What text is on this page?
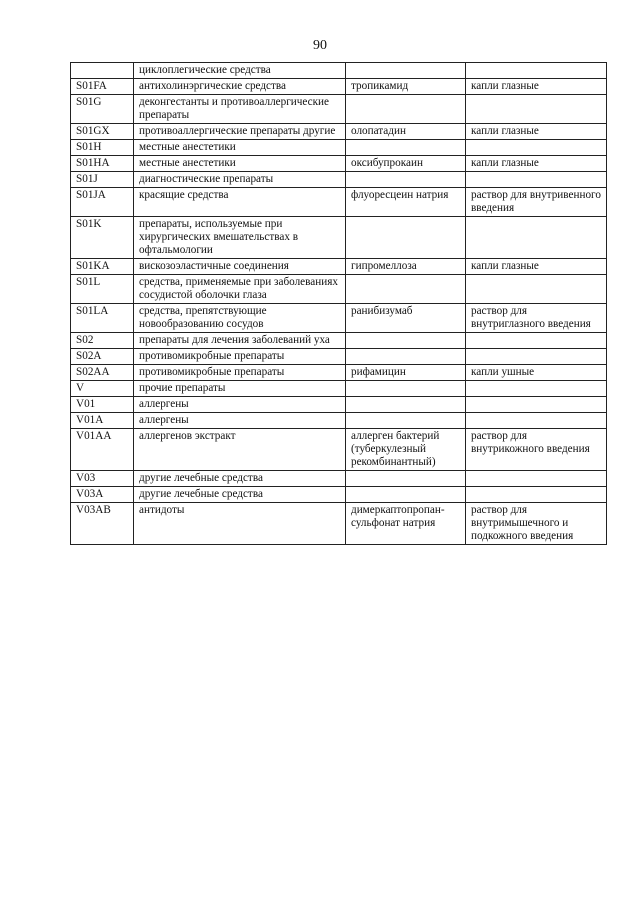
90
	циклоплегические средства		
S01FA	антихолинэргические средства	тропикамид	капли глазные
S01G	деконгестанты и противоаллергические препараты		
S01GX	противоаллергические препараты другие	олопатадин	капли глазные
S01H	местные анестетики		
S01HA	местные анестетики	оксибупрокаин	капли глазные
S01J	диагностические препараты		
S01JA	красящие средства	флуоресцеин натрия	раствор для внутривенного введения
S01K	препараты, используемые при хирургических вмешательствах в офтальмологии		
S01KA	вискозоэластичные соединения	гипромеллоза	капли глазные
S01L	средства, применяемые при заболеваниях сосудистой оболочки глаза		
S01LA	средства, препятствующие новообразованию сосудов	ранибизумаб	раствор для внутриглазного введения
S02	препараты для лечения заболеваний уха		
S02A	противомикробные препараты		
S02AA	противомикробные препараты	рифамицин	капли ушные
V	прочие препараты		
V01	аллергены		
V01A	аллергены		
V01AA	аллергенов экстракт	аллерген бактерий (туберкулезный рекомбинантный)	раствор для внутрикожного введения
V03	другие лечебные средства		
V03A	другие лечебные средства		
V03AB	антидоты	димеркаптопропан-сульфонат натрия	раствор для внутримышечного и подкожного введения
